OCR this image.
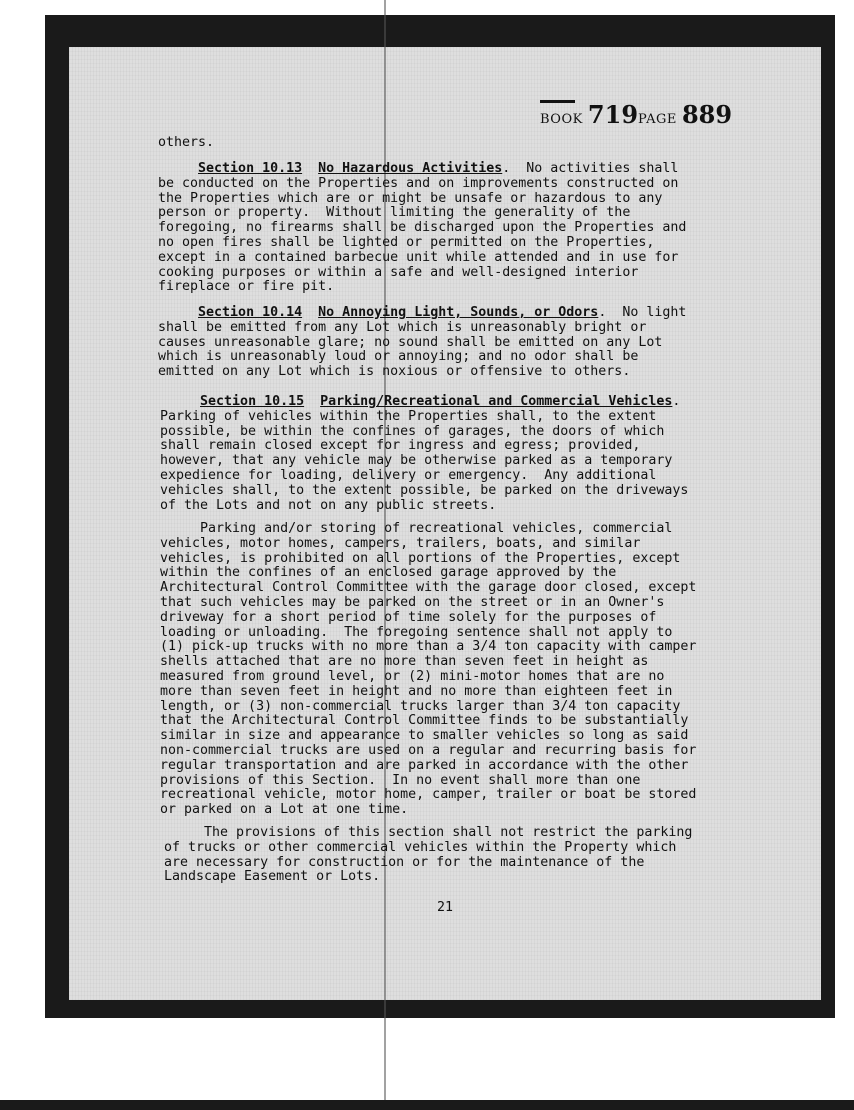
BOOK 719PAGE 889
others.
Section 10.13 No Hazardous Activities.  No activities shall
be conducted on the Properties and on improvements constructed on
the Properties which are or might be unsafe or hazardous to any
person or property.  Without limiting the generality of the
foregoing, no firearms shall be discharged upon the Properties and
no open fires shall be lighted or permitted on the Properties,
except in a contained barbecue unit while attended and in use for
cooking purposes or within a safe and well-designed interior
fireplace or fire pit.
Section 10.14 No Annoying Light, Sounds, or Odors.  No light
shall be emitted from any Lot which is unreasonably bright or
causes unreasonable glare; no sound shall be emitted on any Lot
which is unreasonably loud or annoying; and no odor shall be
emitted on any Lot which is noxious or offensive to others.
Section 10.15 Parking/Recreational and Commercial Vehicles.
Parking of vehicles within the Properties shall, to the extent
possible, be within the confines of garages, the doors of which
shall remain closed except for ingress and egress; provided,
however, that any vehicle may be otherwise parked as a temporary
expedience for loading, delivery or emergency.  Any additional
vehicles shall, to the extent possible, be parked on the driveways
of the Lots and not on any public streets.
Parking and/or storing of recreational vehicles, commercial
vehicles, motor homes, campers, trailers, boats, and similar
vehicles, is prohibited on all portions of the Properties, except
within the confines of an enclosed garage approved by the
Architectural Control Committee with the garage door closed, except
that such vehicles may be parked on the street or in an Owner's
driveway for a short period of time solely for the purposes of
loading or unloading.  The foregoing sentence shall not apply to
(1) pick-up trucks with no more than a 3/4 ton capacity with camper
shells attached that are no more than seven feet in height as
measured from ground level, or (2) mini-motor homes that are no
more than seven feet in height and no more than eighteen feet in
length, or (3) non-commercial trucks larger than 3/4 ton capacity
that the Architectural Control Committee finds to be substantially
similar in size and appearance to smaller vehicles so long as said
non-commercial trucks are used on a regular and recurring basis for
regular transportation and are parked in accordance with the other
provisions of this Section.  In no event shall more than one
recreational vehicle, motor home, camper, trailer or boat be stored
or parked on a Lot at one time.
The provisions of this section shall not restrict the parking
of trucks or other commercial vehicles within the Property which
are necessary for construction or for the maintenance of the
Landscape Easement or Lots.
21
